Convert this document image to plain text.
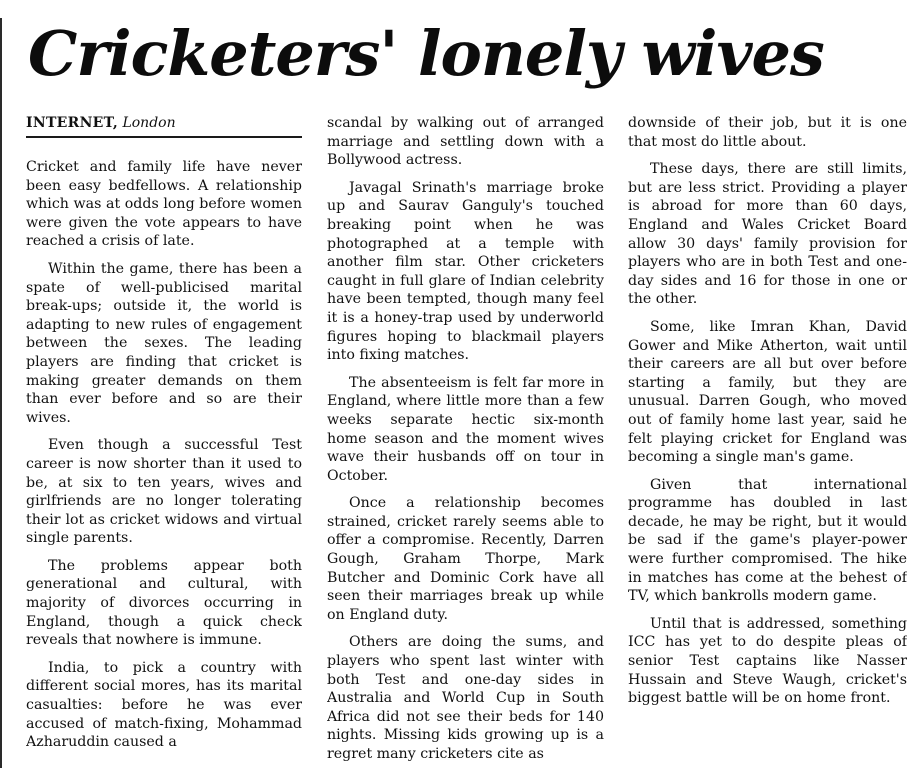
Cricketers' lonely wives
INTERNET, London

Cricket and family life have never been easy bedfellows. A relationship which was at odds long before women were given the vote appears to have reached a crisis of late.

Within the game, there has been a spate of well-publicised marital break-ups; outside it, the world is adapting to new rules of engagement between the sexes. The leading players are finding that cricket is making greater demands on them than ever before and so are their wives.

Even though a successful Test career is now shorter than it used to be, at six to ten years, wives and girlfriends are no longer tolerating their lot as cricket widows and virtual single parents.

The problems appear both generational and cultural, with majority of divorces occurring in England, though a quick check reveals that nowhere is immune.

India, to pick a country with different social mores, has its marital casualties: before he was ever accused of match-fixing, Mohammad Azharuddin caused a

scandal by walking out of arranged marriage and settling down with a Bollywood actress.

Javagal Srinath's marriage broke up and Saurav Ganguly's touched breaking point when he was photographed at a temple with another film star. Other cricketers caught in full glare of Indian celebrity have been tempted, though many feel it is a honey-trap used by underworld figures hoping to blackmail players into fixing matches.

The absenteeism is felt far more in England, where little more than a few weeks separate hectic six-month home season and the moment wives wave their husbands off on tour in October.

Once a relationship becomes strained, cricket rarely seems able to offer a compromise. Recently, Darren Gough, Graham Thorpe, Mark Butcher and Dominic Cork have all seen their marriages break up while on England duty.

Others are doing the sums, and players who spent last winter with both Test and one-day sides in Australia and World Cup in South Africa did not see their beds for 140 nights. Missing kids growing up is a regret many cricketers cite as

downside of their job, but it is one that most do little about.

These days, there are still limits, but are less strict. Providing a player is abroad for more than 60 days, England and Wales Cricket Board allow 30 days' family provision for players who are in both Test and one-day sides and 16 for those in one or the other.

Some, like Imran Khan, David Gower and Mike Atherton, wait until their careers are all but over before starting a family, but they are unusual. Darren Gough, who moved out of family home last year, said he felt playing cricket for England was becoming a single man's game.

Given that international programme has doubled in last decade, he may be right, but it would be sad if the game's player-power were further compromised. The hike in matches has come at the behest of TV, which bankrolls modern game.

Until that is addressed, something ICC has yet to do despite pleas of senior Test captains like Nasser Hussain and Steve Waugh, cricket's biggest battle will be on home front.
